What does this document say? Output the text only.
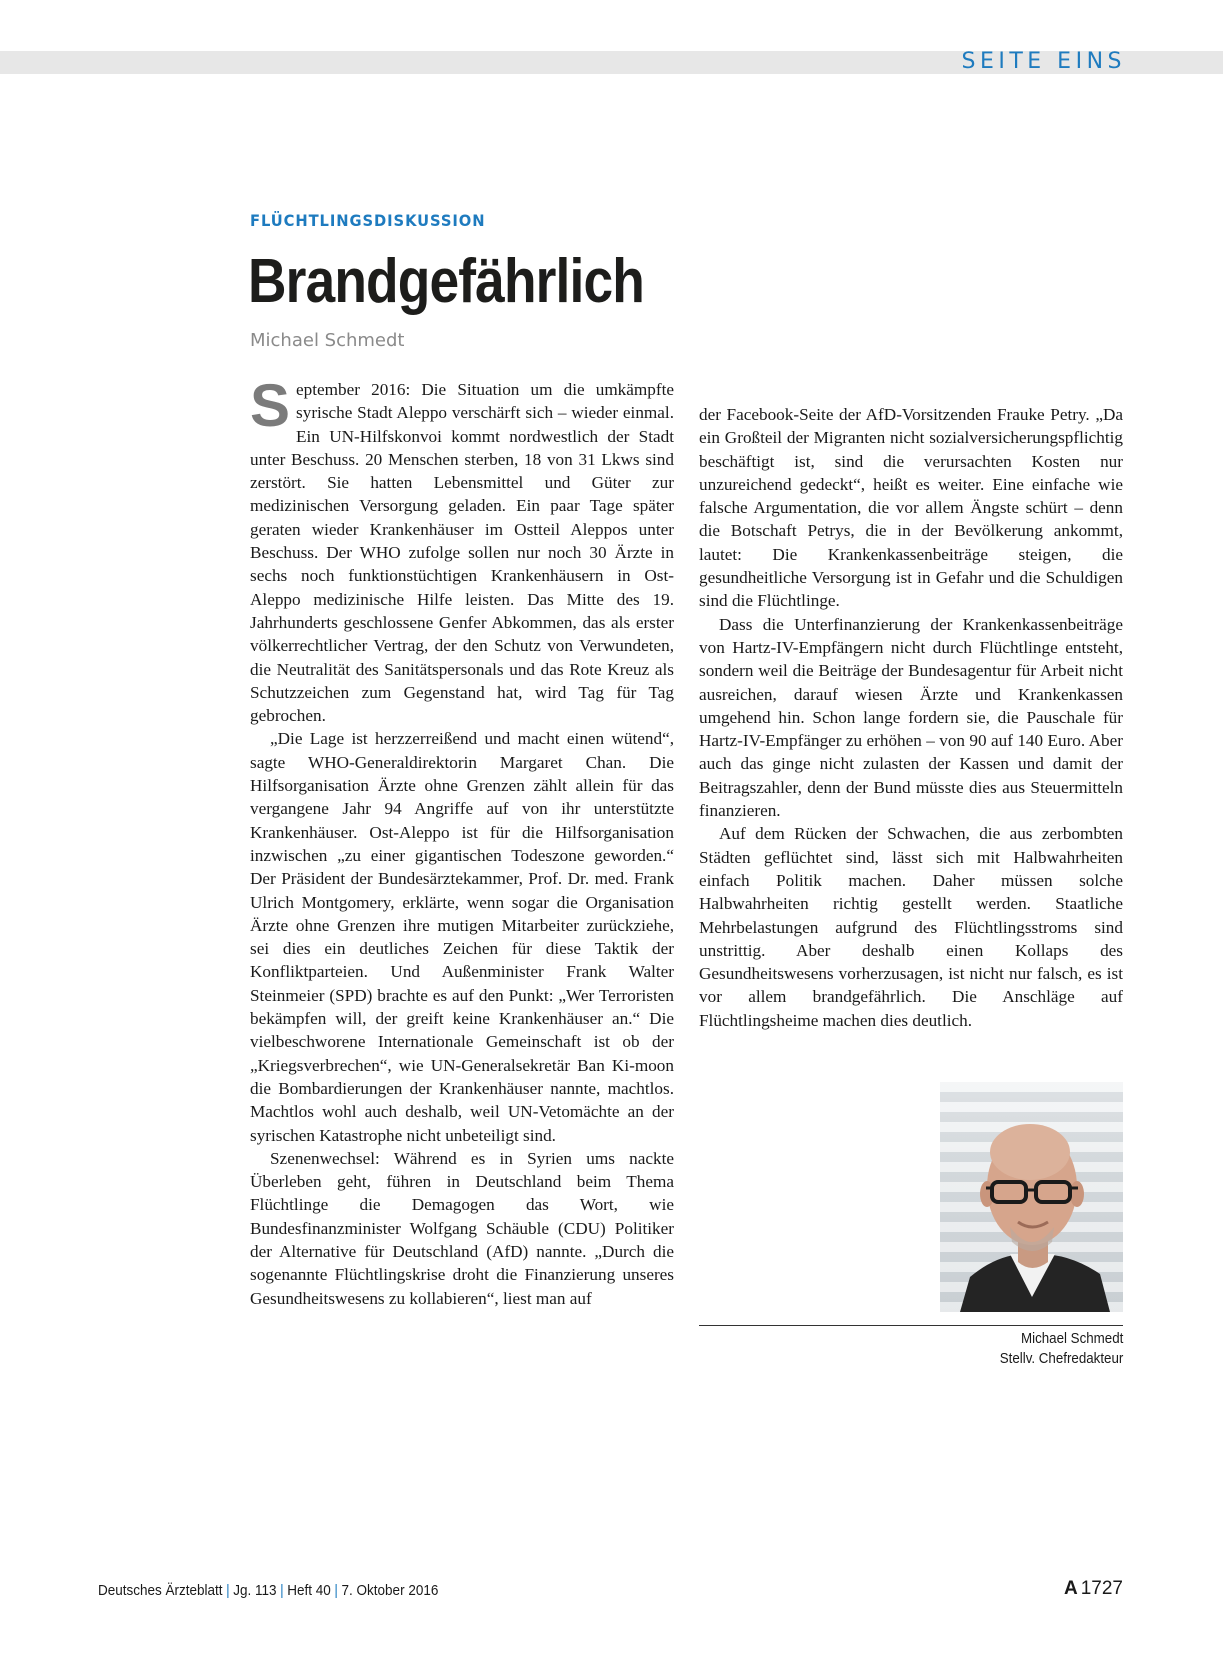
SEITE EINS
FLÜCHTLINGSDISKUSSION
Brandgefährlich
Michael Schmedt

September 2016: Die Situation um die umkämpfte syrische Stadt Aleppo verschärft sich – wieder einmal. Ein UN-Hilfskonvoi kommt nordwestlich der Stadt unter Beschuss. 20 Menschen sterben, 18 von 31 Lkws sind zerstört. Sie hatten Lebensmittel und Güter zur medizinischen Versorgung geladen. Ein paar Tage später geraten wieder Krankenhäuser im Ostteil Aleppos unter Beschuss. Der WHO zufolge sollen nur noch 30 Ärzte in sechs noch funktionstüchtigen Krankenhäusern in Ost-Aleppo medizinische Hilfe leisten. Das Mitte des 19. Jahrhunderts geschlossene Genfer Abkommen, das als erster völkerrechtlicher Vertrag, der den Schutz von Verwundeten, die Neutralität des Sanitätspersonals und das Rote Kreuz als Schutzzeichen zum Gegenstand hat, wird Tag für Tag gebrochen.

„Die Lage ist herzzerreißend und macht einen wütend“, sagte WHO-Generaldirektorin Margaret Chan. Die Hilfsorganisation Ärzte ohne Grenzen zählt allein für das vergangene Jahr 94 Angriffe auf von ihr unterstützte Krankenhäuser. Ost-Aleppo ist für die Hilfsorganisation inzwischen „zu einer gigantischen Todeszone geworden.“ Der Präsident der Bundesärztekammer, Prof. Dr. med. Frank Ulrich Montgomery, erklärte, wenn sogar die Organisation Ärzte ohne Grenzen ihre mutigen Mitarbeiter zurückziehe, sei dies ein deutliches Zeichen für diese Taktik der Konfliktparteien. Und Außenminister Frank Walter Steinmeier (SPD) brachte es auf den Punkt: „Wer Terroristen bekämpfen will, der greift keine Krankenhäuser an.“ Die vielbeschworene Internationale Gemeinschaft ist ob der „Kriegsverbrechen“, wie UN-Generalsekretär Ban Ki-moon die Bombardierungen der Krankenhäuser nannte, machtlos. Machtlos wohl auch deshalb, weil UN-Vetomächte an der syrischen Katastrophe nicht unbeteiligt sind.

Szenenwechsel: Während es in Syrien ums nackte Überleben geht, führen in Deutschland beim Thema Flüchtlinge die Demagogen das Wort, wie Bundesfinanzminister Wolfgang Schäuble (CDU) Politiker der Alternative für Deutschland (AfD) nannte. „Durch die sogenannte Flüchtlingskrise droht die Finanzierung unseres Gesundheitswesens zu kollabieren“, liest man auf

der Facebook-Seite der AfD-Vorsitzenden Frauke Petry. „Da ein Großteil der Migranten nicht sozialversicherungspflichtig beschäftigt ist, sind die verursachten Kosten nur unzureichend gedeckt“, heißt es weiter. Eine einfache wie falsche Argumentation, die vor allem Ängste schürt – denn die Botschaft Petrys, die in der Bevölkerung ankommt, lautet: Die Krankenkassenbeiträge steigen, die gesundheitliche Versorgung ist in Gefahr und die Schuldigen sind die Flüchtlinge.

Dass die Unterfinanzierung der Krankenkassenbeiträge von Hartz-IV-Empfängern nicht durch Flüchtlinge entsteht, sondern weil die Beiträge der Bundesagentur für Arbeit nicht ausreichen, darauf wiesen Ärzte und Krankenkassen umgehend hin. Schon lange fordern sie, die Pauschale für Hartz-IV-Empfänger zu erhöhen – von 90 auf 140 Euro. Aber auch das ginge nicht zulasten der Kassen und damit der Beitragszahler, denn der Bund müsste dies aus Steuermitteln finanzieren.

Auf dem Rücken der Schwachen, die aus zerbombten Städten geflüchtet sind, lässt sich mit Halbwahrheiten einfach Politik machen. Daher müssen solche Halbwahrheiten richtig gestellt werden. Staatliche Mehrbelastungen aufgrund des Flüchtlingsstroms sind unstrittig. Aber deshalb einen Kollaps des Gesundheitswesens vorherzusagen, ist nicht nur falsch, es ist vor allem brandgefährlich. Die Anschläge auf Flüchtlingsheime machen dies deutlich.

Michael Schmedt
Stellv. Chefredakteur
Deutsches Ärzteblatt | Jg. 113 | Heft 40 | 7. Oktober 2016	A 1727
